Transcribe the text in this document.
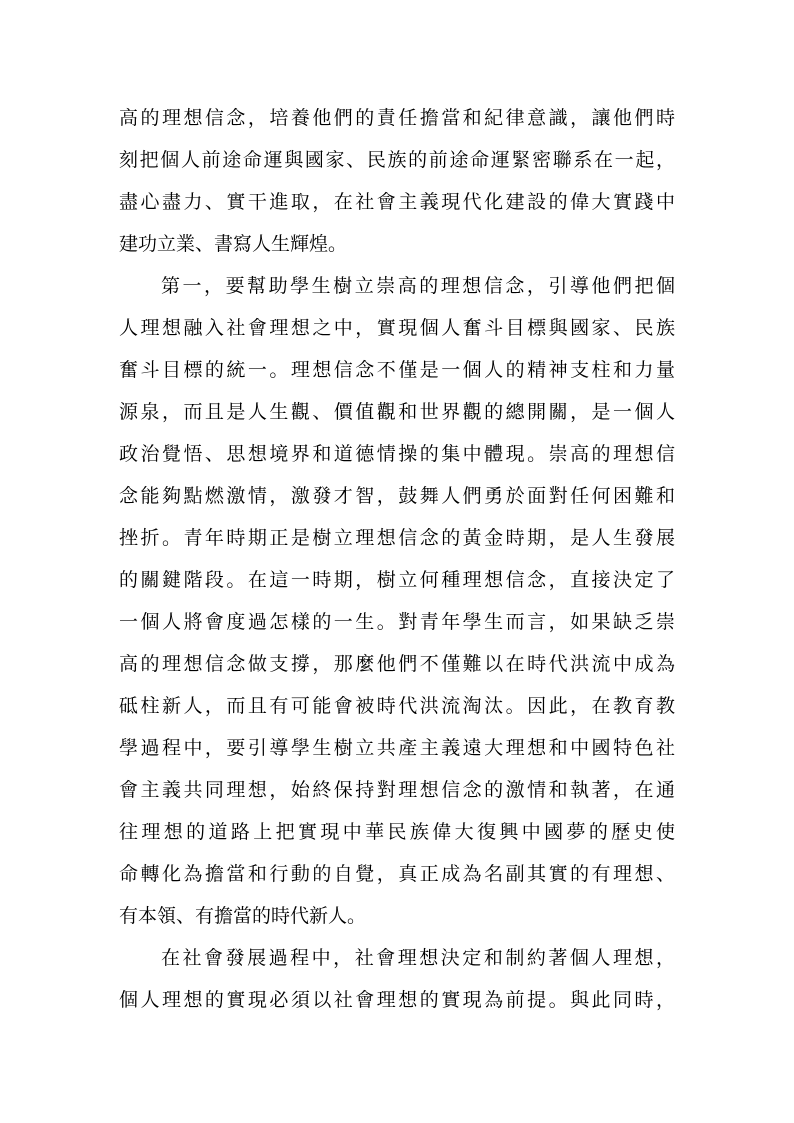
高的理想信念，培養他們的責任擔當和紀律意識，讓他們時
刻把個人前途命運與國家、民族的前途命運緊密聯系在一起，
盡心盡力、實干進取，在社會主義現代化建設的偉大實踐中
建功立業、書寫人生輝煌。
第一，要幫助學生樹立崇高的理想信念，引導他們把個
人理想融入社會理想之中，實現個人奮斗目標與國家、民族
奮斗目標的統一。理想信念不僅是一個人的精神支柱和力量
源泉，而且是人生觀、價值觀和世界觀的總開關，是一個人
政治覺悟、思想境界和道德情操的集中體現。崇高的理想信
念能夠點燃激情，激發才智，鼓舞人們勇於面對任何困難和
挫折。青年時期正是樹立理想信念的黃金時期，是人生發展
的關鍵階段。在這一時期，樹立何種理想信念，直接決定了
一個人將會度過怎樣的一生。對青年學生而言，如果缺乏崇
高的理想信念做支撐，那麼他們不僅難以在時代洪流中成為
砥柱新人，而且有可能會被時代洪流淘汰。因此，在教育教
學過程中，要引導學生樹立共產主義遠大理想和中國特色社
會主義共同理想，始終保持對理想信念的激情和執著，在通
往理想的道路上把實現中華民族偉大復興中國夢的歷史使
命轉化為擔當和行動的自覺，真正成為名副其實的有理想、
有本領、有擔當的時代新人。
在社會發展過程中，社會理想決定和制約著個人理想，
個人理想的實現必須以社會理想的實現為前提。與此同時，
